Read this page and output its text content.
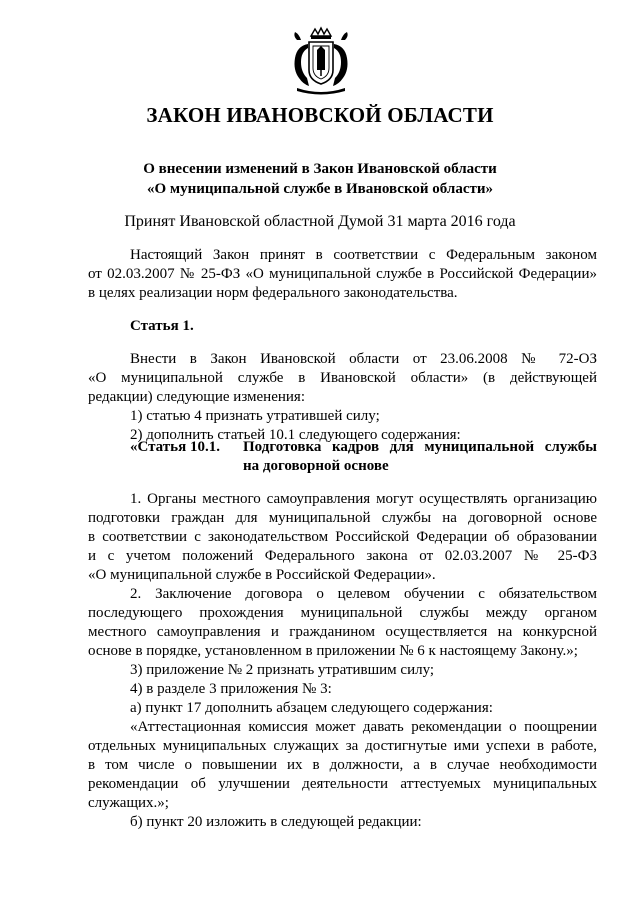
ЗАКОН ИВАНОВСКОЙ ОБЛАСТИ
О внесении изменений в Закон Ивановской области
«О муниципальной службе в Ивановской области»
Принят Ивановской областной Думой 31 марта 2016 года
Настоящий Закон принят в соответствии с Федеральным законом
от 02.03.2007 № 25-ФЗ «О муниципальной службе в Российской Федерации»
в целях реализации норм федерального законодательства.
Статья 1.
Внести в Закон Ивановской области от 23.06.2008 № 72-ОЗ
«О муниципальной службе в Ивановской области» (в действующей
редакции) следующие изменения:
1) статью 4 признать утратившей силу;
2) дополнить статьей 10.1 следующего содержания:
«Статья 10.1.	Подготовка кадров для муниципальной службы
на договорной основе
1. Органы местного самоуправления могут осуществлять организацию
подготовки граждан для муниципальной службы на договорной основе
в соответствии с законодательством Российской Федерации об образовании
и с учетом положений Федерального закона от 02.03.2007 № 25-ФЗ
«О муниципальной службе в Российской Федерации».
2. Заключение договора о целевом обучении с обязательством
последующего прохождения муниципальной службы между органом
местного самоуправления и гражданином осуществляется на конкурсной
основе в порядке, установленном в приложении № 6 к настоящему Закону.»;
3) приложение № 2 признать утратившим силу;
4) в разделе 3 приложения № 3:
а) пункт 17 дополнить абзацем следующего содержания:
«Аттестационная комиссия может давать рекомендации о поощрении
отдельных муниципальных служащих за достигнутые ими успехи в работе,
в том числе о повышении их в должности, а в случае необходимости
рекомендации об улучшении деятельности аттестуемых муниципальных
служащих.»;
б) пункт 20 изложить в следующей редакции:
